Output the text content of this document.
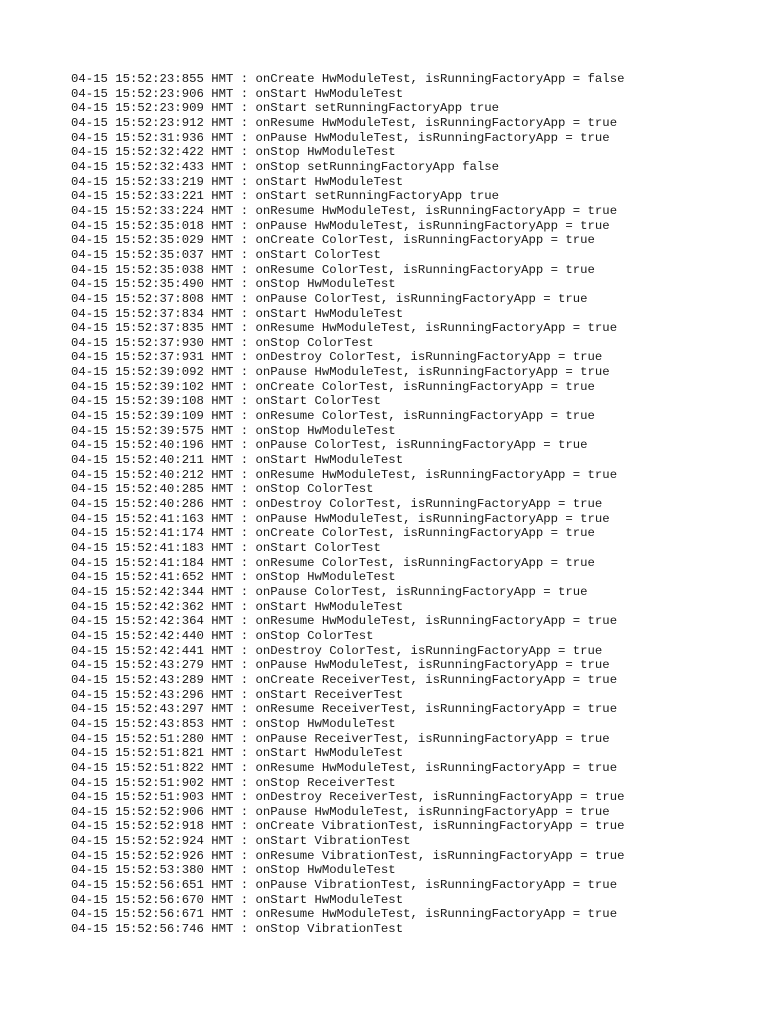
04-15 15:52:23:855 HMT : onCreate HwModuleTest, isRunningFactoryApp = false
04-15 15:52:23:906 HMT : onStart HwModuleTest
04-15 15:52:23:909 HMT : onStart setRunningFactoryApp true
04-15 15:52:23:912 HMT : onResume HwModuleTest, isRunningFactoryApp = true
04-15 15:52:31:936 HMT : onPause HwModuleTest, isRunningFactoryApp = true
04-15 15:52:32:422 HMT : onStop HwModuleTest
04-15 15:52:32:433 HMT : onStop setRunningFactoryApp false
04-15 15:52:33:219 HMT : onStart HwModuleTest
04-15 15:52:33:221 HMT : onStart setRunningFactoryApp true
04-15 15:52:33:224 HMT : onResume HwModuleTest, isRunningFactoryApp = true
04-15 15:52:35:018 HMT : onPause HwModuleTest, isRunningFactoryApp = true
04-15 15:52:35:029 HMT : onCreate ColorTest, isRunningFactoryApp = true
04-15 15:52:35:037 HMT : onStart ColorTest
04-15 15:52:35:038 HMT : onResume ColorTest, isRunningFactoryApp = true
04-15 15:52:35:490 HMT : onStop HwModuleTest
04-15 15:52:37:808 HMT : onPause ColorTest, isRunningFactoryApp = true
04-15 15:52:37:834 HMT : onStart HwModuleTest
04-15 15:52:37:835 HMT : onResume HwModuleTest, isRunningFactoryApp = true
04-15 15:52:37:930 HMT : onStop ColorTest
04-15 15:52:37:931 HMT : onDestroy ColorTest, isRunningFactoryApp = true
04-15 15:52:39:092 HMT : onPause HwModuleTest, isRunningFactoryApp = true
04-15 15:52:39:102 HMT : onCreate ColorTest, isRunningFactoryApp = true
04-15 15:52:39:108 HMT : onStart ColorTest
04-15 15:52:39:109 HMT : onResume ColorTest, isRunningFactoryApp = true
04-15 15:52:39:575 HMT : onStop HwModuleTest
04-15 15:52:40:196 HMT : onPause ColorTest, isRunningFactoryApp = true
04-15 15:52:40:211 HMT : onStart HwModuleTest
04-15 15:52:40:212 HMT : onResume HwModuleTest, isRunningFactoryApp = true
04-15 15:52:40:285 HMT : onStop ColorTest
04-15 15:52:40:286 HMT : onDestroy ColorTest, isRunningFactoryApp = true
04-15 15:52:41:163 HMT : onPause HwModuleTest, isRunningFactoryApp = true
04-15 15:52:41:174 HMT : onCreate ColorTest, isRunningFactoryApp = true
04-15 15:52:41:183 HMT : onStart ColorTest
04-15 15:52:41:184 HMT : onResume ColorTest, isRunningFactoryApp = true
04-15 15:52:41:652 HMT : onStop HwModuleTest
04-15 15:52:42:344 HMT : onPause ColorTest, isRunningFactoryApp = true
04-15 15:52:42:362 HMT : onStart HwModuleTest
04-15 15:52:42:364 HMT : onResume HwModuleTest, isRunningFactoryApp = true
04-15 15:52:42:440 HMT : onStop ColorTest
04-15 15:52:42:441 HMT : onDestroy ColorTest, isRunningFactoryApp = true
04-15 15:52:43:279 HMT : onPause HwModuleTest, isRunningFactoryApp = true
04-15 15:52:43:289 HMT : onCreate ReceiverTest, isRunningFactoryApp = true
04-15 15:52:43:296 HMT : onStart ReceiverTest
04-15 15:52:43:297 HMT : onResume ReceiverTest, isRunningFactoryApp = true
04-15 15:52:43:853 HMT : onStop HwModuleTest
04-15 15:52:51:280 HMT : onPause ReceiverTest, isRunningFactoryApp = true
04-15 15:52:51:821 HMT : onStart HwModuleTest
04-15 15:52:51:822 HMT : onResume HwModuleTest, isRunningFactoryApp = true
04-15 15:52:51:902 HMT : onStop ReceiverTest
04-15 15:52:51:903 HMT : onDestroy ReceiverTest, isRunningFactoryApp = true
04-15 15:52:52:906 HMT : onPause HwModuleTest, isRunningFactoryApp = true
04-15 15:52:52:918 HMT : onCreate VibrationTest, isRunningFactoryApp = true
04-15 15:52:52:924 HMT : onStart VibrationTest
04-15 15:52:52:926 HMT : onResume VibrationTest, isRunningFactoryApp = true
04-15 15:52:53:380 HMT : onStop HwModuleTest
04-15 15:52:56:651 HMT : onPause VibrationTest, isRunningFactoryApp = true
04-15 15:52:56:670 HMT : onStart HwModuleTest
04-15 15:52:56:671 HMT : onResume HwModuleTest, isRunningFactoryApp = true
04-15 15:52:56:746 HMT : onStop VibrationTest
